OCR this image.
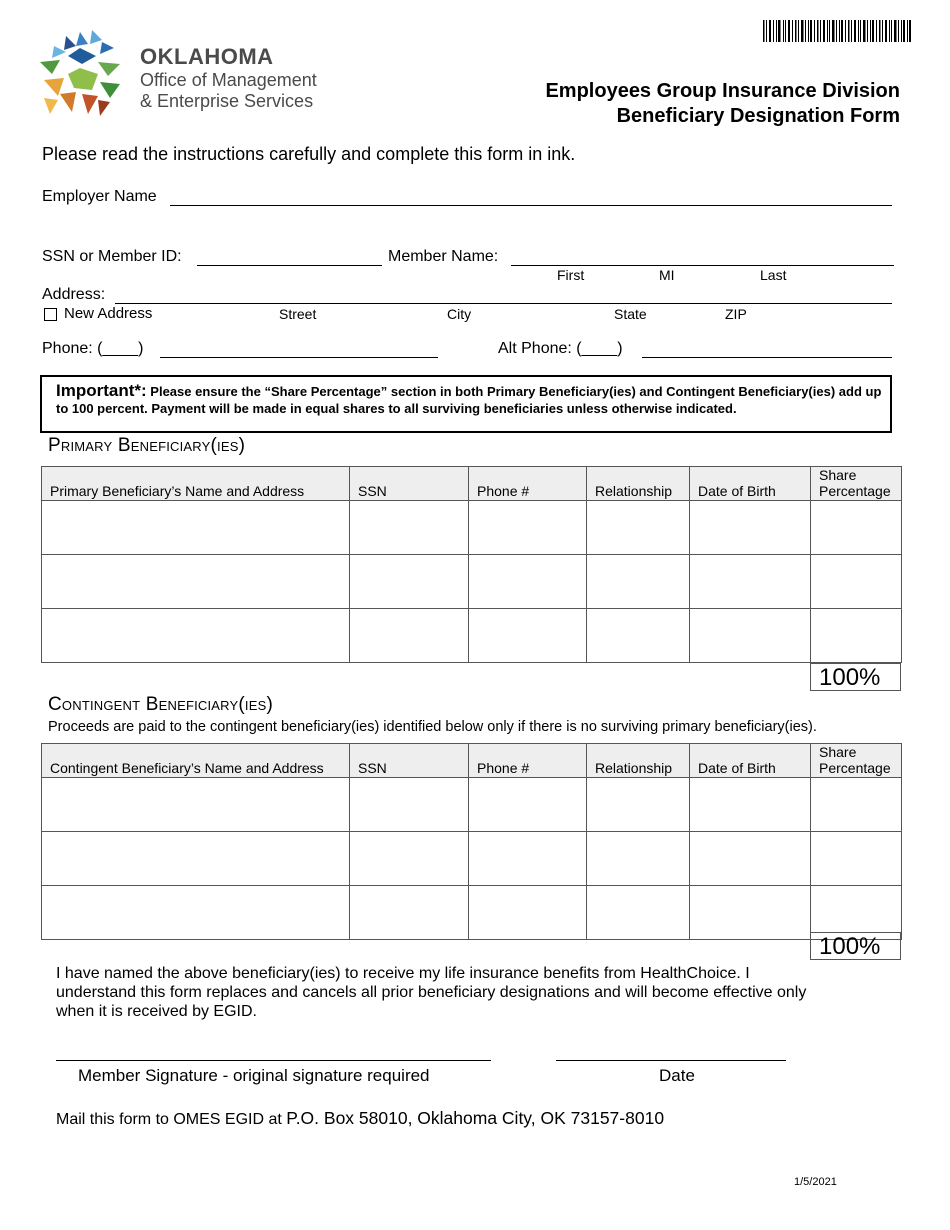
OKLAHOMA
Office of Management
& Enterprise Services	Employees Group Insurance Division
Beneficiary Designation Form
Please read the instructions carefully and complete this form in ink.
Employer Name
SSN or Member ID:	Member Name:
First	MI	Last
Address:
New Address	Street	City	State	ZIP
Phone: (____)	Alt Phone: (____)
Important*: Please ensure the “Share Percentage” section in both Primary Beneficiary(ies) and Contingent Beneficiary(ies) add up to 100 percent. Payment will be made in equal shares to all surviving beneficiaries unless otherwise indicated.
Primary Beneficiary(ies)
Primary Beneficiary’s Name and Address	SSN	Phone #	Relationship	Date of Birth	Share Percentage

100%
Contingent Beneficiary(ies)
Proceeds are paid to the contingent beneficiary(ies) identified below only if there is no surviving primary beneficiary(ies).
Contingent Beneficiary’s Name and Address	SSN	Phone #	Relationship	Date of Birth	Share Percentage

100%
I have named the above beneficiary(ies) to receive my life insurance benefits from HealthChoice. I understand this form replaces and cancels all prior beneficiary designations and will become effective only when it is received by EGID.
Member Signature - original signature required	Date
Mail this form to OMES EGID at P.O. Box 58010, Oklahoma City, OK 73157-8010
1/5/2021
